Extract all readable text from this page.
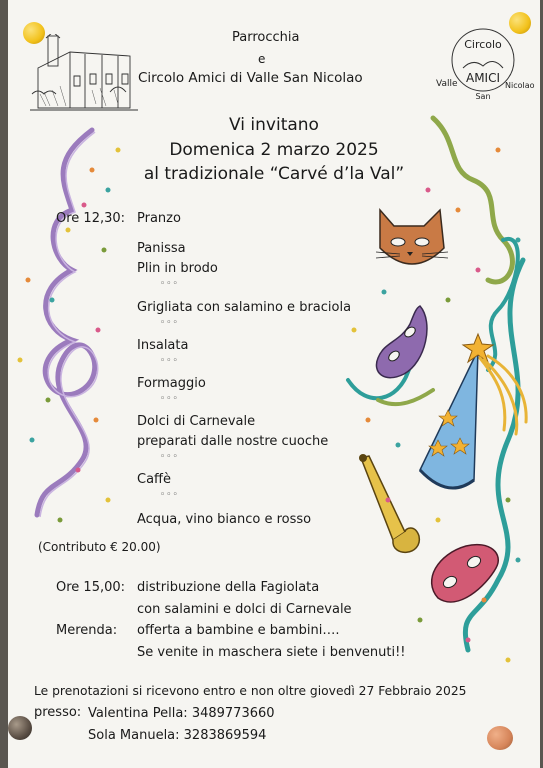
Circolo
AMICI
Valle
San
Nicolao
Parrocchia
e
Circolo Amici di Valle San Nicolao
Vi invitano
Domenica 2 marzo 2025
al tradizionale “Carvé d’la Val”
Ore 12,30: Pranzo
Panissa
Plin in brodo
◦◦◦
Grigliata con salamino e braciola
◦◦◦
Insalata
◦◦◦
Formaggio
◦◦◦
Dolci di Carnevale
preparati dalle nostre cuoche
◦◦◦
Caffè
◦◦◦
Acqua, vino bianco e rosso
(Contributo € 20.00)
Ore 15,00: distribuzione della Fagiolata
con salamini e dolci di Carnevale
Merenda: offerta a bambine e bambini….
Se venite in maschera siete i benvenuti!!
Le prenotazioni si ricevono entro e non oltre giovedì 27 Febbraio 2025
presso: Valentina Pella: 3489773660
Sola Manuela: 3283869594
